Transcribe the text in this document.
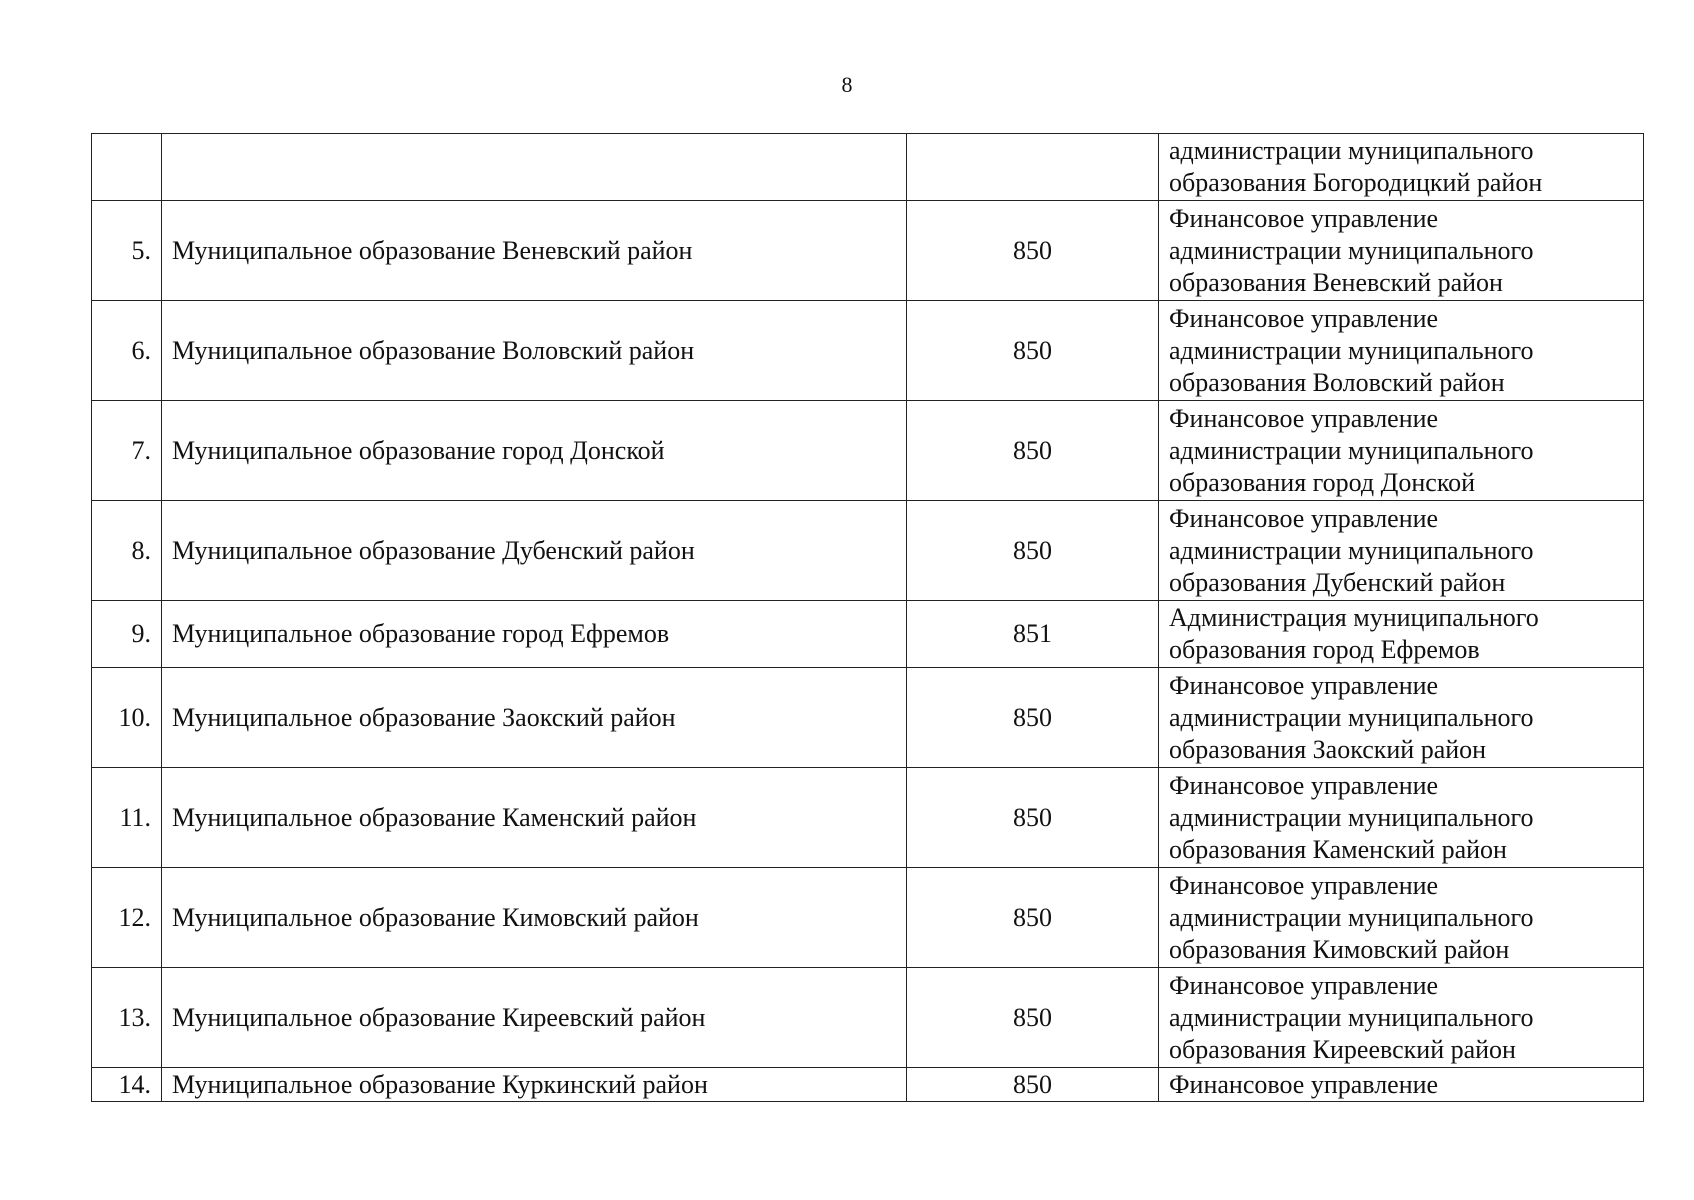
8
			администрации муниципального
образования Богородицкий район
5.	Муниципальное образование Веневский район	850	Финансовое управление
администрации муниципального
образования Веневский район
6.	Муниципальное образование Воловский район	850	Финансовое управление
администрации муниципального
образования Воловский район
7.	Муниципальное образование город Донской	850	Финансовое управление
администрации муниципального
образования город Донской
8.	Муниципальное образование Дубенский район	850	Финансовое управление
администрации муниципального
образования Дубенский район
9.	Муниципальное образование город Ефремов	851	Администрация муниципального
образования город Ефремов
10.	Муниципальное образование Заокский район	850	Финансовое управление
администрации муниципального
образования Заокский район
11.	Муниципальное образование Каменский район	850	Финансовое управление
администрации муниципального
образования Каменский район
12.	Муниципальное образование Кимовский район	850	Финансовое управление
администрации муниципального
образования Кимовский район
13.	Муниципальное образование Киреевский район	850	Финансовое управление
администрации муниципального
образования Киреевский район
14.	Муниципальное образование Куркинский район	850	Финансовое управление
